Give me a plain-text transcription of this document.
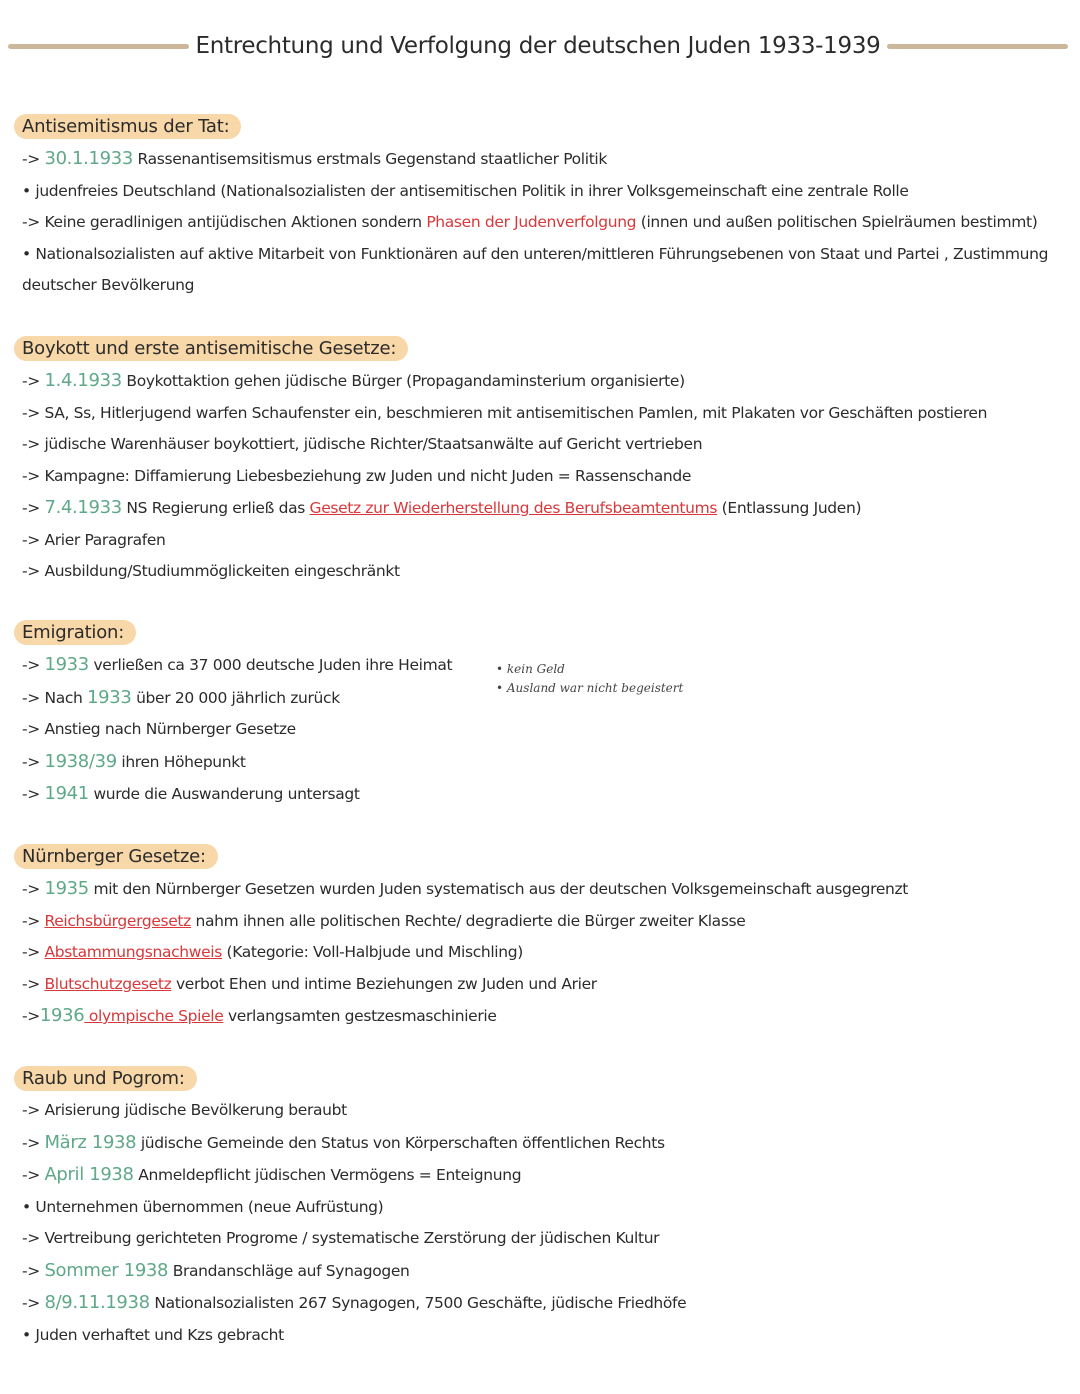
Entrechtung und Verfolgung der deutschen Juden 1933-1939
Antisemitismus der Tat:
-> 30.1.1933 Rassenantisemsitismus erstmals Gegenstand staatlicher Politik
• judenfreies Deutschland (Nationalsozialisten der antisemitischen Politik in ihrer Volksgemeinschaft eine zentrale Rolle
-> Keine geradlinigen antijüdischen Aktionen sondern Phasen der Judenverfolgung (innen und außen politischen Spielräumen bestimmt)
• Nationalsozialisten auf aktive Mitarbeit von Funktionären auf den unteren/mittleren Führungsebenen von Staat und Partei , Zustimmung deutscher Bevölkerung
Boykott und erste antisemitische Gesetze:
-> 1.4.1933 Boykottaktion gehen jüdische Bürger (Propagandaminsterium organisierte)
-> SA, Ss, Hitlerjugend warfen Schaufenster ein, beschmieren mit antisemitischen Pamlen, mit Plakaten vor Geschäften postieren
-> jüdische Warenhäuser boykottiert, jüdische Richter/Staatsanwälte auf Gericht vertrieben
-> Kampagne: Diffamierung Liebesbeziehung zw Juden und nicht Juden = Rassenschande
-> 7.4.1933 NS Regierung erließ das Gesetz zur Wiederherstellung des Berufsbeamtentums (Entlassung Juden)
-> Arier Paragrafen
-> Ausbildung/Studiummöglickeiten eingeschränkt
Emigration:
-> 1933 verließen ca 37 000 deutsche Juden ihre Heimat
-> Nach 1933 über 20 000 jährlich zurück
-> Anstieg nach Nürnberger Gesetze
-> 1938/39 ihren Höhepunkt
-> 1941 wurde die Auswanderung untersagt
• kein Geld
• Ausland war nicht begeistert
Nürnberger Gesetze:
-> 1935 mit den Nürnberger Gesetzen wurden Juden systematisch aus der deutschen Volksgemeinschaft ausgegrenzt
-> Reichsbürgergesetz nahm ihnen alle politischen Rechte/ degradierte die Bürger zweiter Klasse
-> Abstammungsnachweis (Kategorie: Voll-Halbjude und Mischling)
-> Blutschutzgesetz verbot Ehen und intime Beziehungen zw Juden und Arier
->1936 olympische Spiele verlangsamten gestzesmaschinierie
Raub und Pogrom:
-> Arisierung jüdische Bevölkerung beraubt
-> März 1938 jüdische Gemeinde den Status von Körperschaften öffentlichen Rechts
-> April 1938 Anmeldepflicht jüdischen Vermögens = Enteignung
• Unternehmen übernommen (neue Aufrüstung)
-> Vertreibung gerichteten Progrome / systematische Zerstörung der jüdischen Kultur
-> Sommer 1938 Brandanschläge auf Synagogen
-> 8/9.11.1938 Nationalsozialisten 267 Synagogen, 7500 Geschäfte, jüdische Friedhöfe
• Juden verhaftet und Kzs gebracht
